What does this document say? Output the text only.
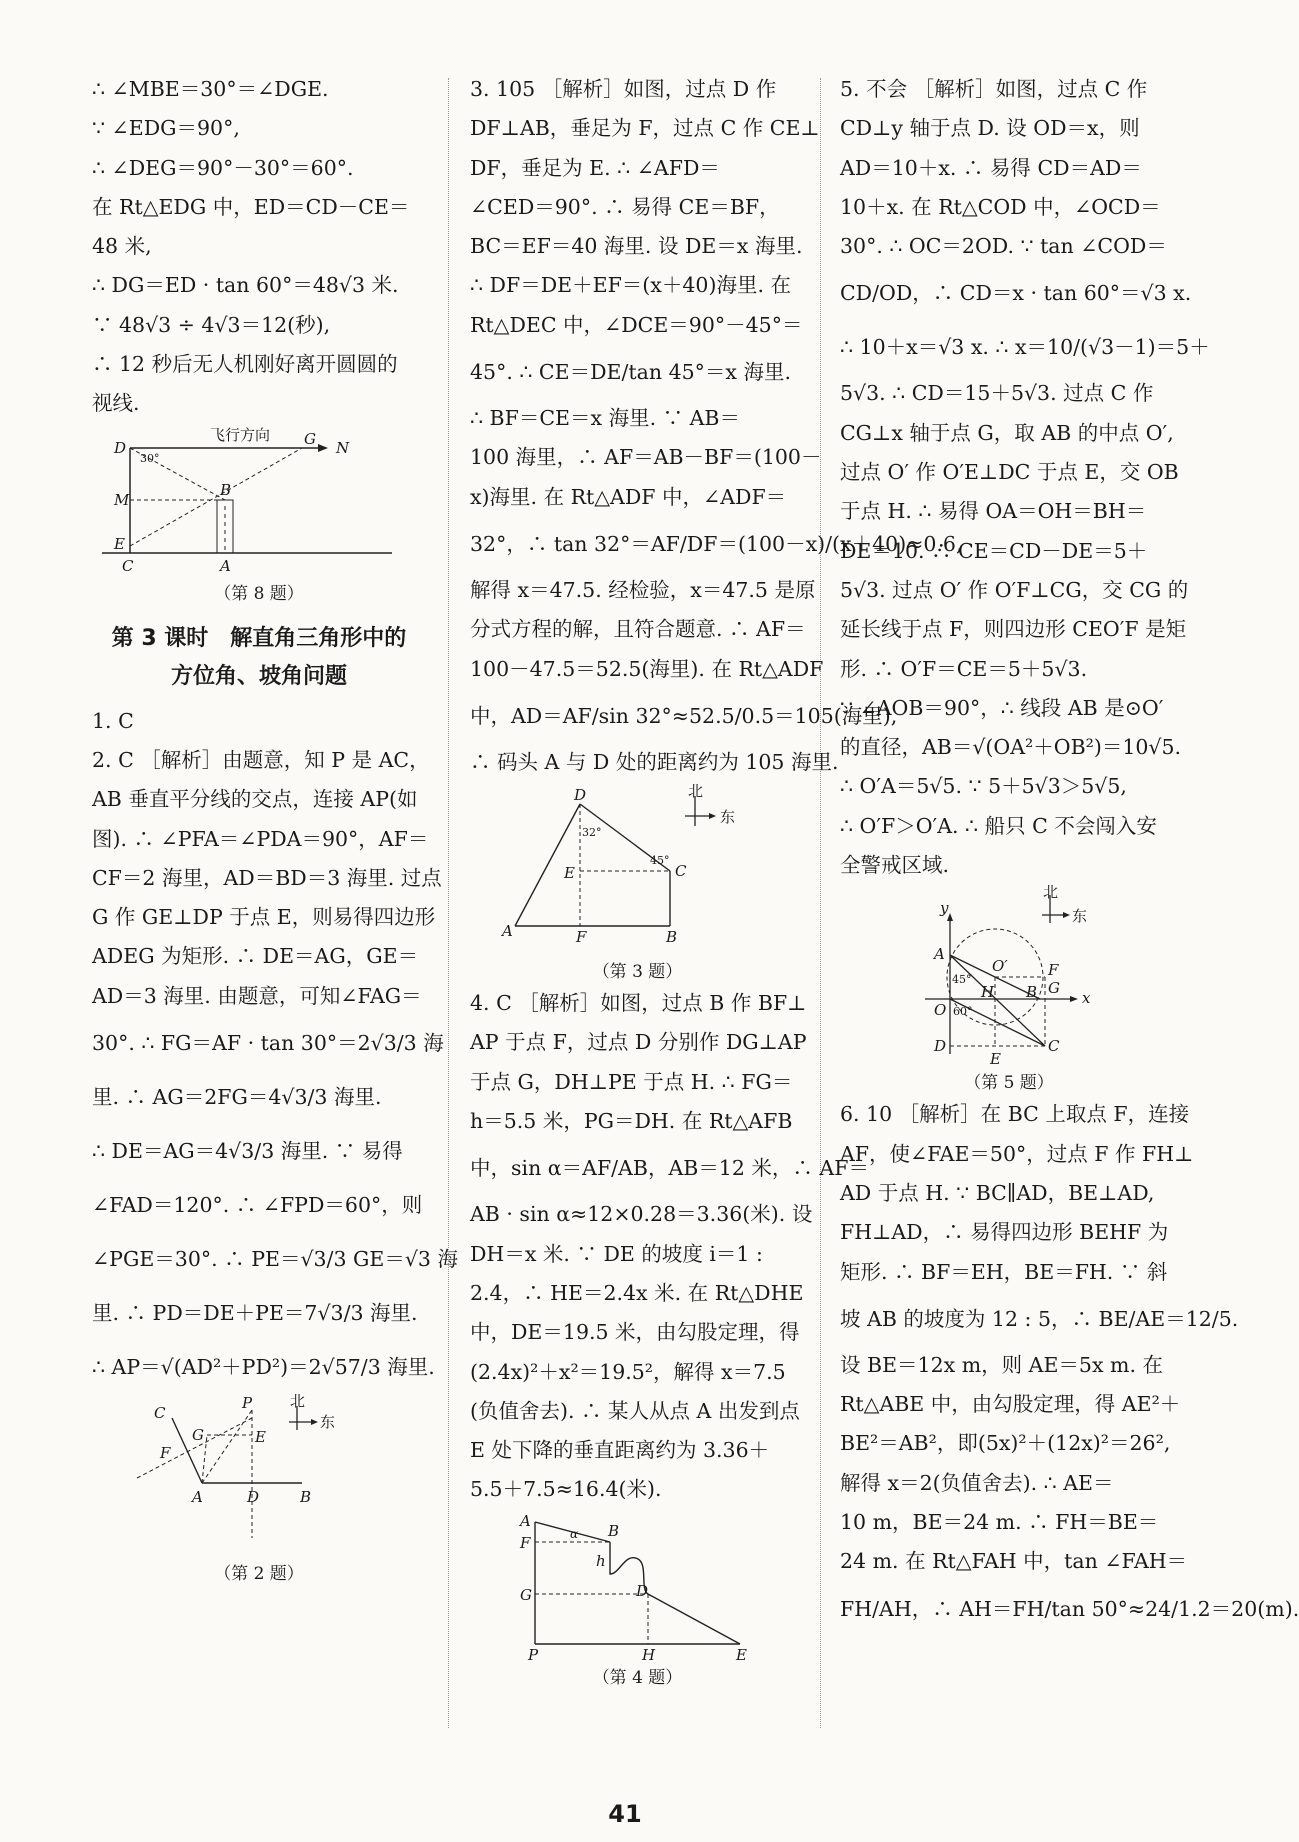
∴ ∠MBE＝30°＝∠DGE.
∵ ∠EDG＝90°,
∴ ∠DEG＝90°－30°＝60°.
在 Rt△EDG 中，ED＝CD－CE＝
48 米,
∴ DG＝ED · tan 60°＝48√3 米.
∵ 48√3 ÷ 4√3＝12(秒),
∴ 12 秒后无人机刚好离开圆圆的
视线.
D
30°
飞行方向 G N
M
B
E
C	A
（第 8 题）
第 3 课时　解直角三角形中的
方位角、坡角问题
1. C
2. C ［解析］由题意，知 P 是 AC，
AB 垂直平分线的交点，连接 AP(如
图). ∴ ∠PFA＝∠PDA＝90°，AF＝
CF＝2 海里，AD＝BD＝3 海里. 过点
G 作 GE⊥DP 于点 E，则易得四边形
ADEG 为矩形. ∴ DE＝AG，GE＝
AD＝3 海里. 由题意，可知∠FAG＝
30°. ∴ FG＝AF · tan 30°＝2√3/3 海
里. ∴ AG＝2FG＝4√3/3 海里.
∴ DE＝AG＝4√3/3 海里. ∵ 易得
∠FAD＝120°. ∴ ∠FPD＝60°，则
∠PGE＝30°. ∴ PE＝√3/3 GE＝√3 海
里. ∴ PD＝DE＋PE＝7√3/3 海里.
∴ AP＝√(AD²＋PD²)＝2√57/3 海里.
北
东
C
P
G	E
F
A	D	B
（第 2 题）
3. 105 ［解析］如图，过点 D 作
DF⊥AB，垂足为 F，过点 C 作 CE⊥
DF，垂足为 E. ∴ ∠AFD＝
∠CED＝90°. ∴ 易得 CE＝BF，
BC＝EF＝40 海里. 设 DE＝x 海里.
∴ DF＝DE＋EF＝(x＋40)海里. 在
Rt△DEC 中，∠DCE＝90°－45°＝
45°. ∴ CE＝DE/tan 45°＝x 海里.
∴ BF＝CE＝x 海里. ∵ AB＝
100 海里，∴ AF＝AB－BF＝(100－
x)海里. 在 Rt△ADF 中，∠ADF＝
32°，∴ tan 32°＝AF/DF＝(100－x)/(x＋40)≈0.6,
解得 x＝47.5. 经检验，x＝47.5 是原
分式方程的解，且符合题意. ∴ AF＝
100－47.5＝52.5(海里). 在 Rt△ADF
中，AD＝AF/sin 32°≈52.5/0.5＝105(海里),
∴ 码头 A 与 D 处的距离约为 105 海里.
北
东
D
32°
45°
E	C
A	F	B
（第 3 题）
4. C ［解析］如图，过点 B 作 BF⊥
AP 于点 F，过点 D 分别作 DG⊥AP
于点 G，DH⊥PE 于点 H. ∴ FG＝
h＝5.5 米，PG＝DH. 在 Rt△AFB
中，sin α＝AF/AB，AB＝12 米，∴ AF＝
AB · sin α≈12×0.28＝3.36(米). 设
DH＝x 米. ∵ DE 的坡度 i＝1 :
2.4，∴ HE＝2.4x 米. 在 Rt△DHE
中，DE＝19.5 米，由勾股定理，得
(2.4x)²＋x²＝19.5²，解得 x＝7.5
(负值舍去). ∴ 某人从点 A 出发到点
E 处下降的垂直距离约为 3.36＋
5.5＋7.5≈16.4(米).
A
B
α
F
h
G	D
P	H	E
（第 4 题）
5. 不会 ［解析］如图，过点 C 作
CD⊥y 轴于点 D. 设 OD＝x，则
AD＝10＋x. ∴ 易得 CD＝AD＝
10＋x. 在 Rt△COD 中，∠OCD＝
30°. ∴ OC＝2OD. ∵ tan ∠COD＝
CD/OD，∴ CD＝x · tan 60°＝√3 x.
∴ 10＋x＝√3 x. ∴ x＝10/(√3－1)＝5＋
5√3. ∴ CD＝15＋5√3. 过点 C 作
CG⊥x 轴于点 G，取 AB 的中点 O′,
过点 O′ 作 O′E⊥DC 于点 E，交 OB
于点 H. ∴ 易得 OA＝OH＝BH＝
DE＝10. ∴ CE＝CD－DE＝5＋
5√3. 过点 O′ 作 O′F⊥CG，交 CG 的
延长线于点 F，则四边形 CEO′F 是矩
形. ∴ O′F＝CE＝5＋5√3.
∵ ∠AOB＝90°，∴ 线段 AB 是⊙O′
的直径，AB＝√(OA²＋OB²)＝10√5.
∴ O′A＝5√5. ∵ 5＋5√3＞5√5,
∴ O′F＞O′A. ∴ 船只 C 不会闯入安
全警戒区域.
北
东
y
x
A
45°
O′	F
G
H B
O 60°
D
E
C
（第 5 题）
6. 10 ［解析］在 BC 上取点 F，连接
AF，使∠FAE＝50°，过点 F 作 FH⊥
AD 于点 H. ∵ BC∥AD，BE⊥AD,
FH⊥AD，∴ 易得四边形 BEHF 为
矩形. ∴ BF＝EH，BE＝FH. ∵ 斜
坡 AB 的坡度为 12 : 5，∴ BE/AE＝12/5.
设 BE＝12x m，则 AE＝5x m. 在
Rt△ABE 中，由勾股定理，得 AE²＋
BE²＝AB²，即(5x)²＋(12x)²＝26²,
解得 x＝2(负值舍去). ∴ AE＝
10 m，BE＝24 m. ∴ FH＝BE＝
24 m. 在 Rt△FAH 中，tan ∠FAH＝
FH/AH，∴ AH＝FH/tan 50°≈24/1.2＝20(m).
41
